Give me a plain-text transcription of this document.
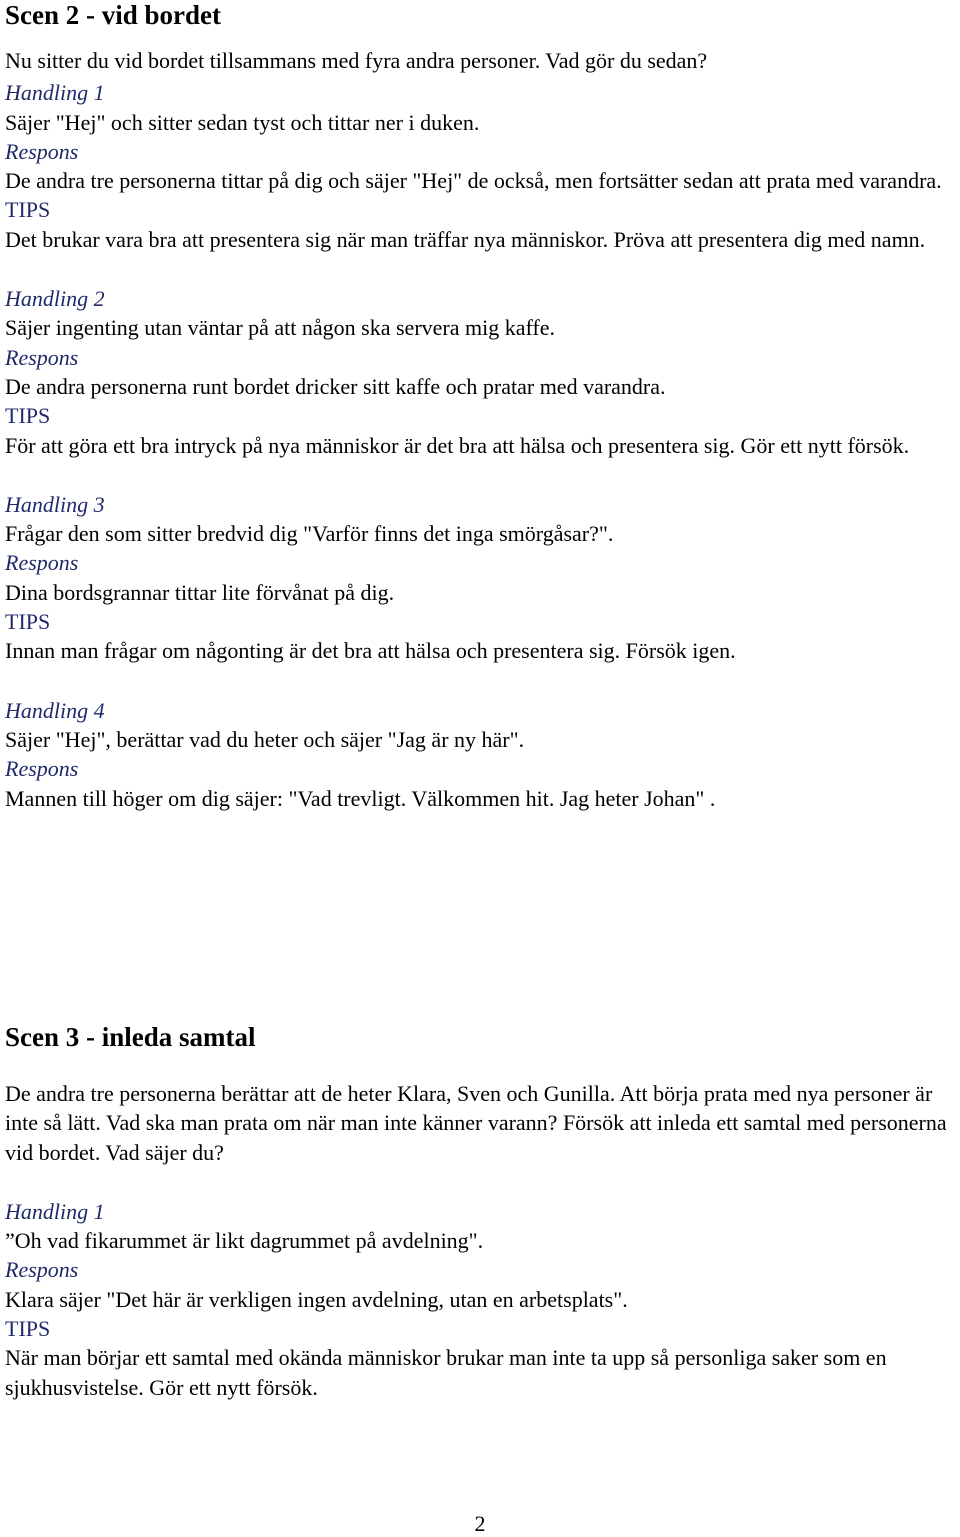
Scen 2 - vid bordet

Nu sitter du vid bordet tillsammans med fyra andra personer. Vad gör du sedan?

Handling 1

Säjer "Hej" och sitter sedan tyst och tittar ner i duken.

Respons

De andra tre personerna tittar på dig och säjer "Hej" de också, men fortsätter sedan att prata med varandra.

TIPS

Det brukar vara bra att presentera sig när man träffar nya människor. Pröva att presentera dig med namn.

Handling 2

Säjer ingenting utan väntar på att någon ska servera mig kaffe.

Respons

De andra personerna runt bordet dricker sitt kaffe och pratar med varandra.

TIPS

För att göra ett bra intryck på nya människor är det bra att hälsa och presentera sig. Gör ett nytt försök.

Handling 3

Frågar den som sitter bredvid dig "Varför finns det inga smörgåsar?".

Respons

Dina bordsgrannar tittar lite förvånat på dig.

TIPS

Innan man frågar om någonting är det bra att hälsa och presentera sig. Försök igen.

Handling 4

Säjer "Hej", berättar vad du heter och säjer "Jag är ny här".

Respons

Mannen till höger om dig säjer: "Vad trevligt. Välkommen hit. Jag heter Johan" .

Scen 3 - inleda samtal

De andra tre personerna berättar att de heter Klara, Sven och Gunilla. Att börja prata med nya personer är inte så lätt. Vad ska man prata om när man inte känner varann? Försök att inleda ett samtal med personerna vid bordet. Vad säjer du?

Handling 1

”Oh vad fikarummet är likt dagrummet på avdelning".

Respons

Klara säjer "Det här är verkligen ingen avdelning, utan en arbetsplats".

TIPS

När man börjar ett samtal med okända människor brukar man inte ta upp så personliga saker som en sjukhusvistelse. Gör ett nytt försök.

2
